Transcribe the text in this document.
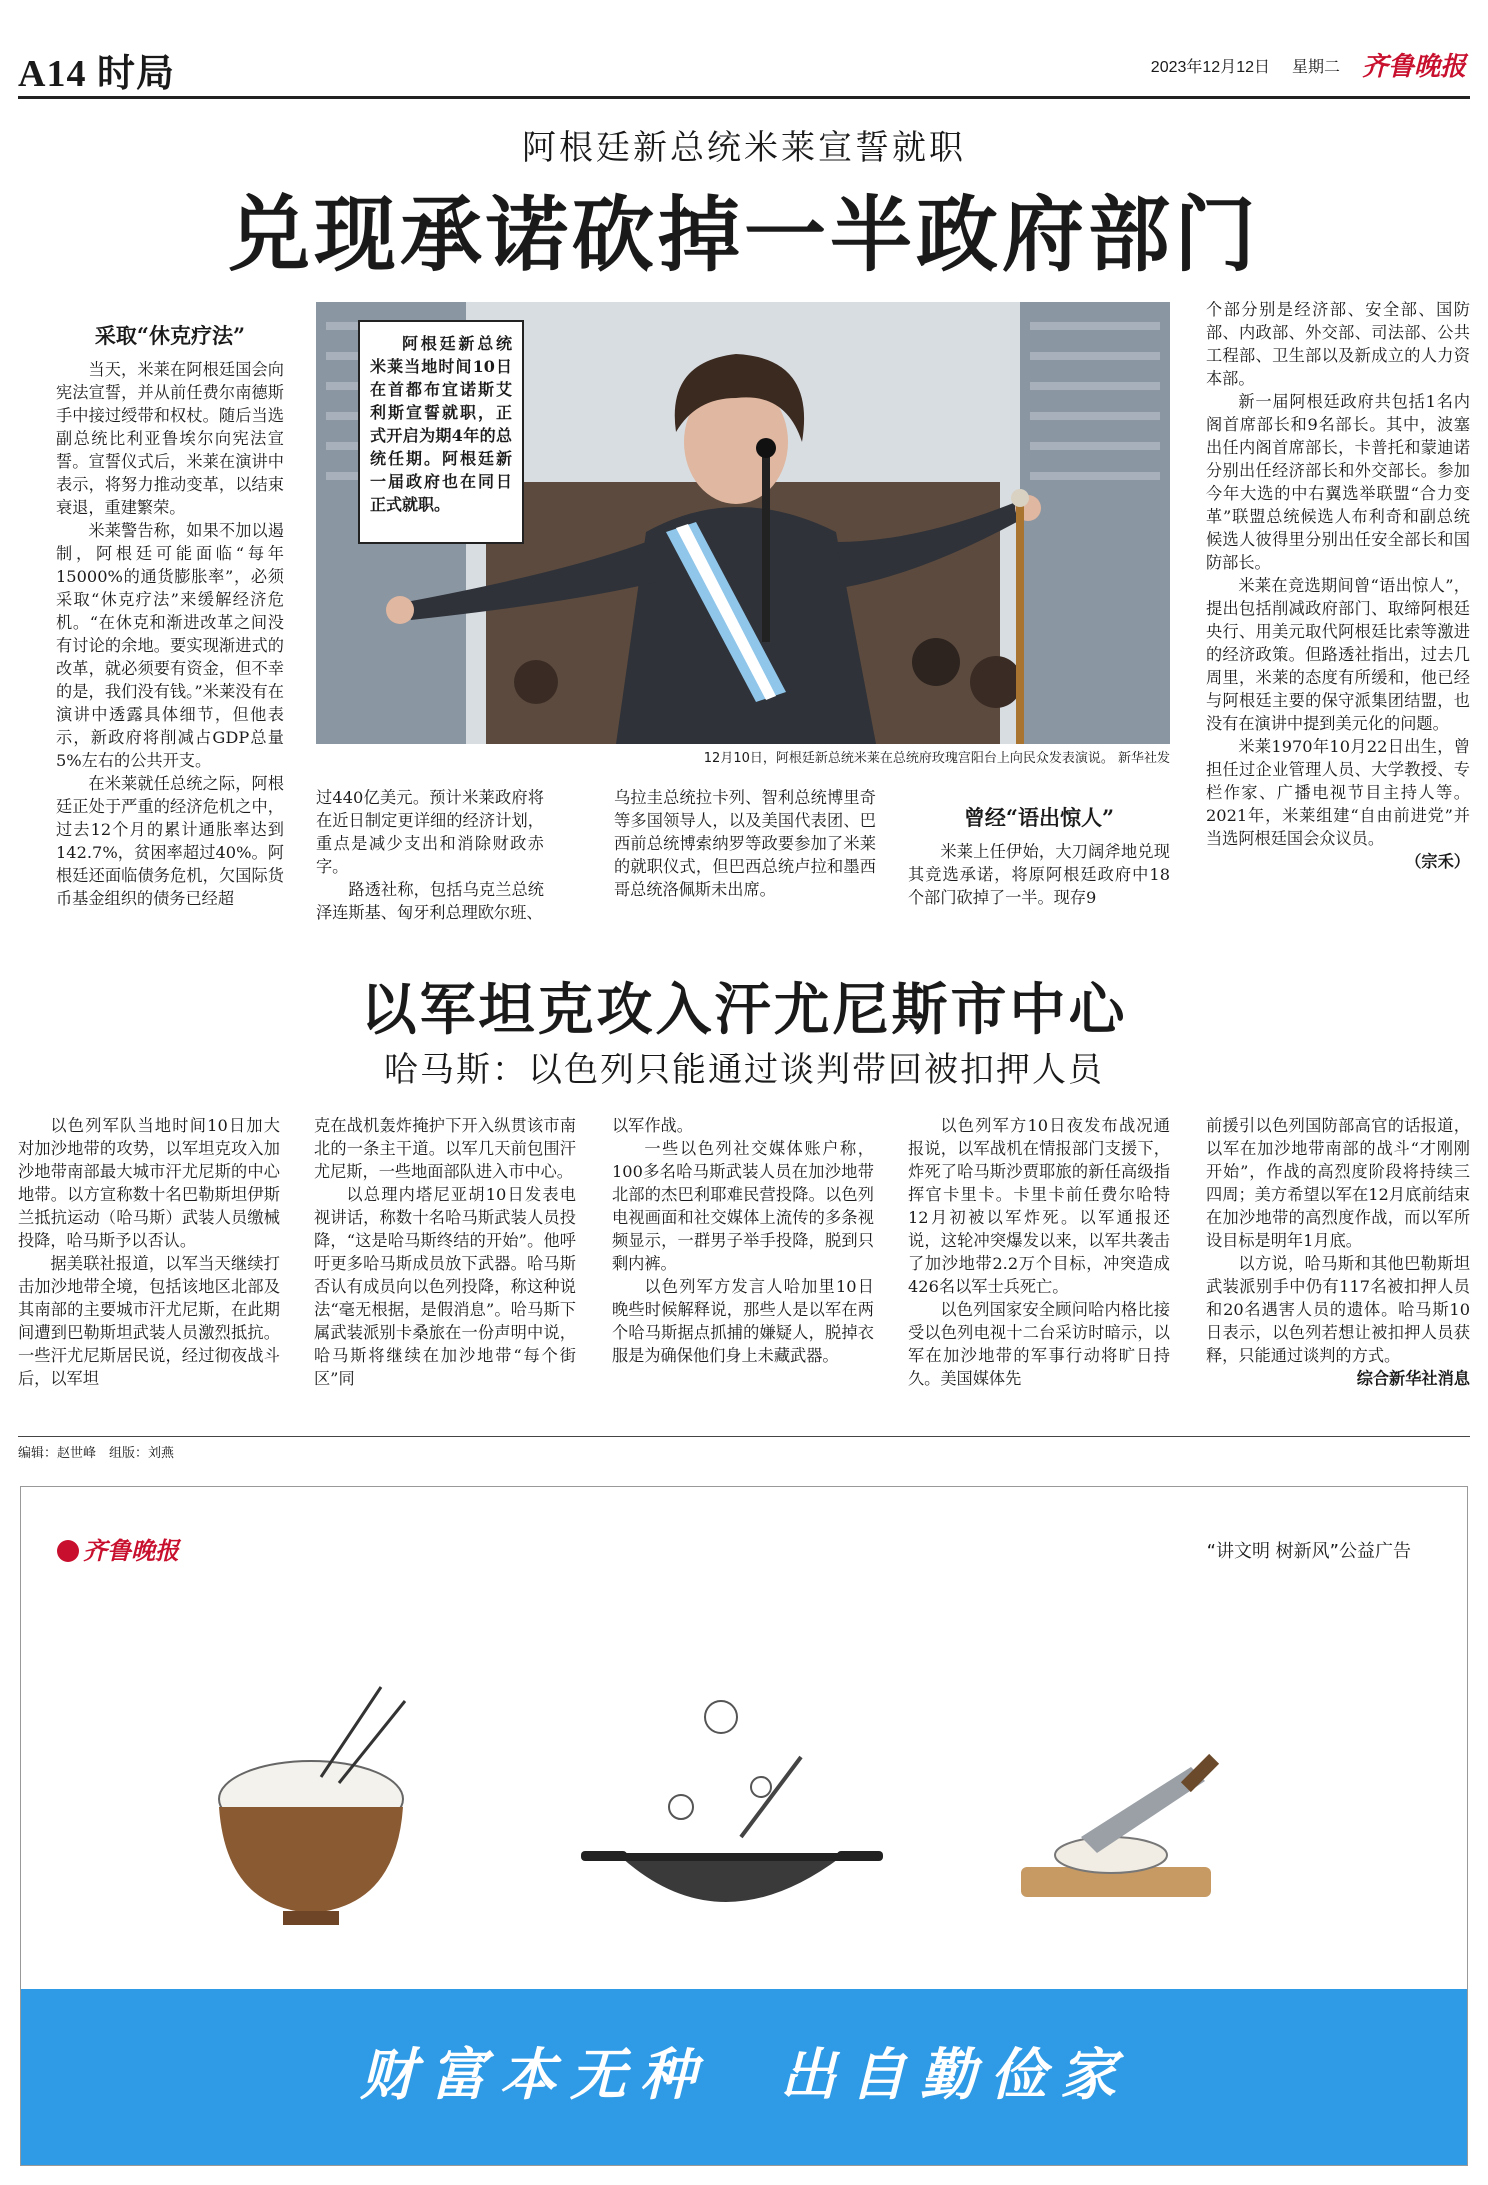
A14 时局	2023年12月12日 星期二 齐鲁晚报
阿根廷新总统米莱宣誓就职
兑现承诺砍掉一半政府部门
采取“休克疗法”

当天，米莱在阿根廷国会向宪法宣誓，并从前任费尔南德斯手中接过绶带和权杖。随后当选副总统比利亚鲁埃尔向宪法宣誓。宣誓仪式后，米莱在演讲中表示，将努力推动变革，以结束衰退，重建繁荣。

米莱警告称，如果不加以遏制，阿根廷可能面临“每年15000%的通货膨胀率”，必须采取“休克疗法”来缓解经济危机。“在休克和渐进改革之间没有讨论的余地。要实现渐进式的改革，就必须要有资金，但不幸的是，我们没有钱。”米莱没有在演讲中透露具体细节，但他表示，新政府将削减占GDP总量5%左右的公共开支。

在米莱就任总统之际，阿根廷正处于严重的经济危机之中，过去12个月的累计通胀率达到142.7%，贫困率超过40%。阿根廷还面临债务危机，欠国际货币基金组织的债务已经超

阿根廷新总统米莱当地时间10日在首都布宜诺斯艾利斯宣誓就职，正式开启为期4年的总统任期。阿根廷新一届政府也在同日正式就职。
12月10日，阿根廷新总统米莱在总统府玫瑰宫阳台上向民众发表演说。 新华社发

过440亿美元。预计米莱政府将在近日制定更详细的经济计划，重点是减少支出和消除财政赤字。

路透社称，包括乌克兰总统泽连斯基、匈牙利总理欧尔班、

乌拉圭总统拉卡列、智利总统博里奇等多国领导人，以及美国代表团、巴西前总统博索纳罗等政要参加了米莱的就职仪式，但巴西总统卢拉和墨西哥总统洛佩斯未出席。

曾经“语出惊人”

米莱上任伊始，大刀阔斧地兑现其竞选承诺，将原阿根廷政府中18个部门砍掉了一半。现存9

个部分别是经济部、安全部、国防部、内政部、外交部、司法部、公共工程部、卫生部以及新成立的人力资本部。

新一届阿根廷政府共包括1名内阁首席部长和9名部长。其中，波塞出任内阁首席部长，卡普托和蒙迪诺分别出任经济部长和外交部长。参加今年大选的中右翼选举联盟“合力变革”联盟总统候选人布利奇和副总统候选人彼得里分别出任安全部长和国防部长。

米莱在竞选期间曾“语出惊人”，提出包括削减政府部门、取缔阿根廷央行、用美元取代阿根廷比索等激进的经济政策。但路透社指出，过去几周里，米莱的态度有所缓和，他已经与阿根廷主要的保守派集团结盟，也没有在演讲中提到美元化的问题。

米莱1970年10月22日出生，曾担任过企业管理人员、大学教授、专栏作家、广播电视节目主持人等。2021年，米莱组建“自由前进党”并当选阿根廷国会众议员。

（宗禾）

以军坦克攻入汗尤尼斯市中心
哈马斯：以色列只能通过谈判带回被扣押人员

以色列军队当地时间10日加大对加沙地带的攻势，以军坦克攻入加沙地带南部最大城市汗尤尼斯的中心地带。以方宣称数十名巴勒斯坦伊斯兰抵抗运动（哈马斯）武装人员缴械投降，哈马斯予以否认。

据美联社报道，以军当天继续打击加沙地带全境，包括该地区北部及其南部的主要城市汗尤尼斯，在此期间遭到巴勒斯坦武装人员激烈抵抗。一些汗尤尼斯居民说，经过彻夜战斗后，以军坦

克在战机轰炸掩护下开入纵贯该市南北的一条主干道。以军几天前包围汗尤尼斯，一些地面部队进入市中心。

以总理内塔尼亚胡10日发表电视讲话，称数十名哈马斯武装人员投降，“这是哈马斯终结的开始”。他呼吁更多哈马斯成员放下武器。哈马斯否认有成员向以色列投降，称这种说法“毫无根据，是假消息”。哈马斯下属武装派别卡桑旅在一份声明中说，哈马斯将继续在加沙地带“每个街区”同

以军作战。

一些以色列社交媒体账户称，100多名哈马斯武装人员在加沙地带北部的杰巴利耶难民营投降。以色列电视画面和社交媒体上流传的多条视频显示，一群男子举手投降，脱到只剩内裤。

以色列军方发言人哈加里10日晚些时候解释说，那些人是以军在两个哈马斯据点抓捕的嫌疑人，脱掉衣服是为确保他们身上未藏武器。

以色列军方10日夜发布战况通报说，以军战机在情报部门支援下，炸死了哈马斯沙贾耶旅的新任高级指挥官卡里卡。卡里卡前任费尔哈特12月初被以军炸死。以军通报还说，这轮冲突爆发以来，以军共袭击了加沙地带2.2万个目标，冲突造成426名以军士兵死亡。

以色列国家安全顾问哈内格比接受以色列电视十二台采访时暗示，以军在加沙地带的军事行动将旷日持久。美国媒体先

前援引以色列国防部高官的话报道，以军在加沙地带南部的战斗“才刚刚开始”，作战的高烈度阶段将持续三四周；美方希望以军在12月底前结束在加沙地带的高烈度作战，而以军所设目标是明年1月底。

以方说，哈马斯和其他巴勒斯坦武装派别手中仍有117名被扣押人员和20名遇害人员的遗体。哈马斯10日表示，以色列若想让被扣押人员获释，只能通过谈判的方式。

综合新华社消息

编辑：赵世峰　组版：刘燕
齐鲁晚报	“讲文明 树新风”公益广告
财富本无种　出自勤俭家
